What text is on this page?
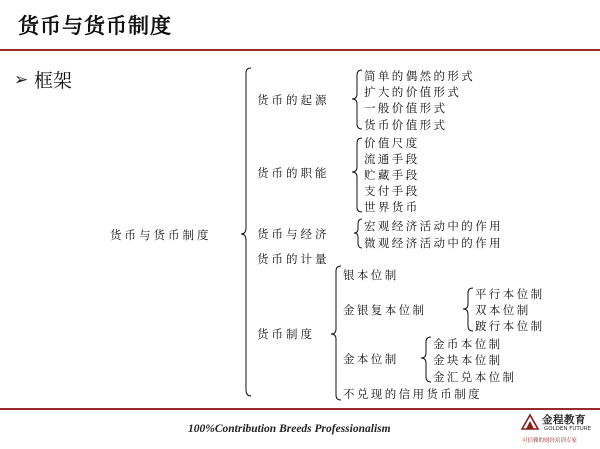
货币与货币制度
➢ 框架
货币与货币制度
货币的起源
货币的职能
货币与经济
货币的计量
货币制度
简单的偶然的形式
扩大的价值形式
一般价值形式
货币价值形式
价值尺度
流通手段
贮藏手段
支付手段
世界货币
宏观经济活动中的作用
微观经济活动中的作用
银本位制
金银复本位制
金本位制
不兑现的信用货币制度
平行本位制
双本位制
跛行本位制
金币本位制
金块本位制
金汇兑本位制
100%Contribution Breeds Professionalism
金程教育
GOLDEN FUTURE
可信赖的财经培训专家
